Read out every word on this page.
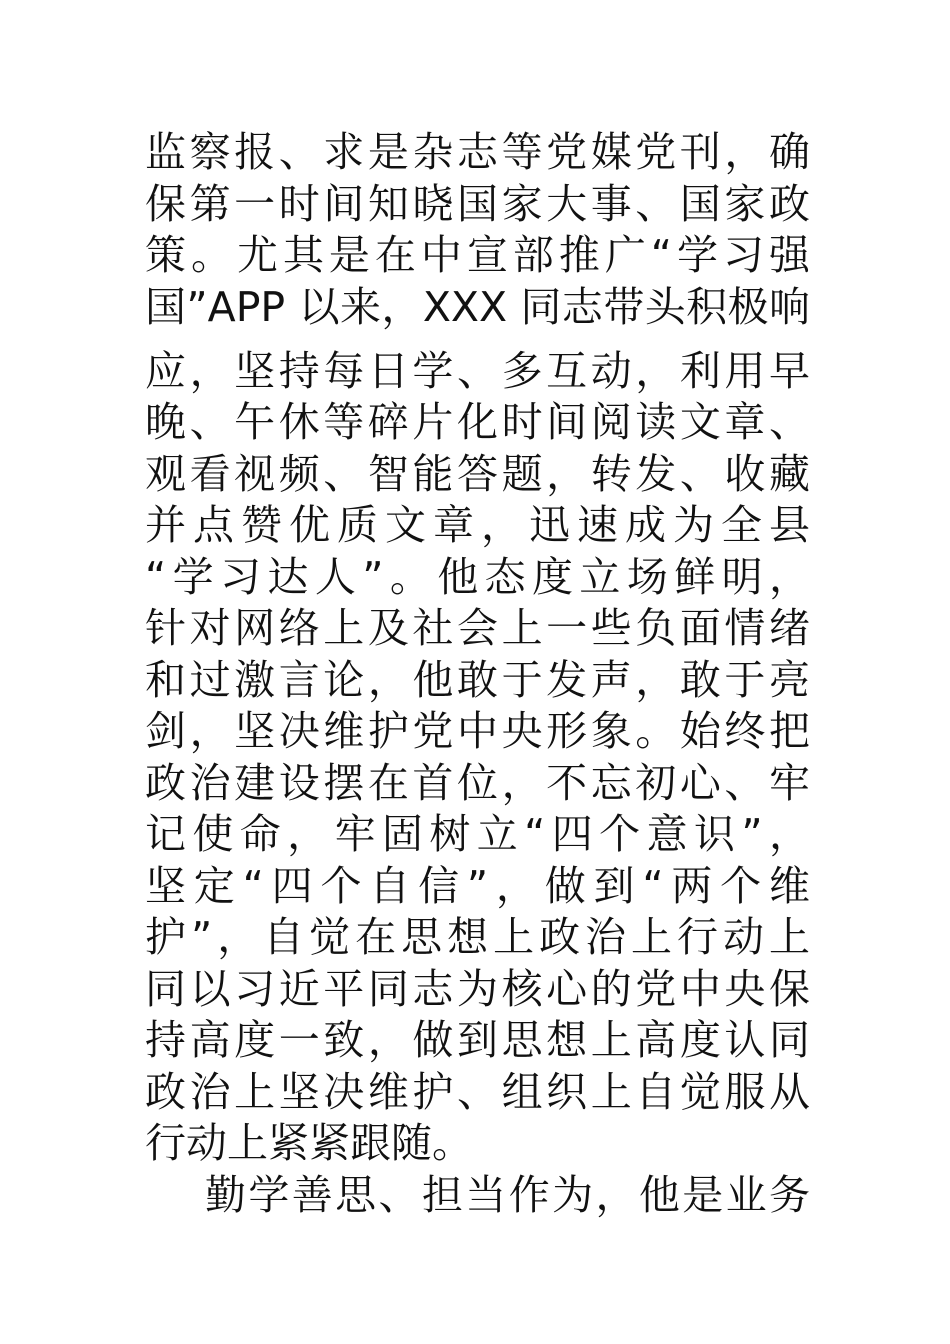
监察报、求是杂志等党媒党刊，确
保第一时间知晓国家大事、国家政
策。尤其是在中宣部推广“学习强
国”APP 以来，XXX 同志带头积极响
应，坚持每日学、多互动，利用早
晚、午休等碎片化时间阅读文章、
观看视频、智能答题，转发、收藏
并点赞优质文章，迅速成为全县
“学习达人”。他态度立场鲜明，
针对网络上及社会上一些负面情绪
和过激言论，他敢于发声，敢于亮
剑，坚决维护党中央形象。始终把
政治建设摆在首位，不忘初心、牢
记使命，牢固树立“四个意识”，
坚定“四个自信”，做到“两个维
护”，自觉在思想上政治上行动上
同以习近平同志为核心的党中央保
持高度一致，做到思想上高度认同
政治上坚决维护、组织上自觉服从
行动上紧紧跟随。
勤学善思、担当作为，他是业务
